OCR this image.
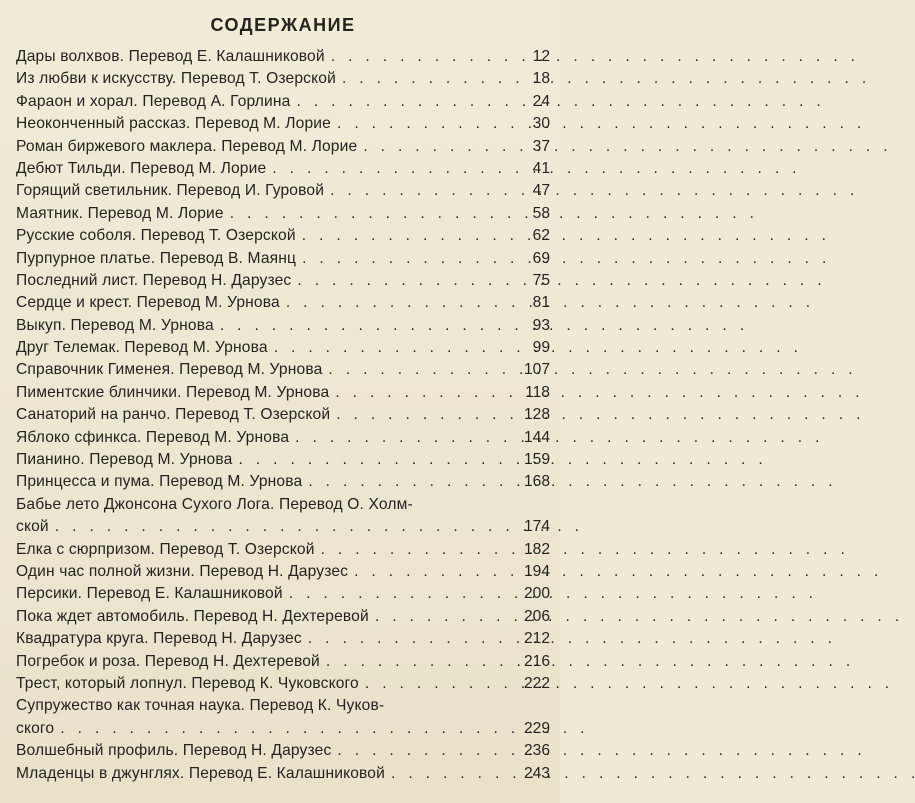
СОДЕРЖАНИЕ
Дары волхвов. Перевод Е. Калашниковой . .	12
Из любви к искусству. Перевод Т. Озерской . .	18
Фараон и хорал. Перевод А. Горлина . .	24
Неоконченный рассказ. Перевод М. Лорие . .	30
Роман биржевого маклера. Перевод М. Лорие . .	37
Дебют Тильди. Перевод М. Лорие . .	41
Горящий светильник. Перевод И. Гуровой . .	47
Маятник. Перевод М. Лорие . .	58
Русские соболя. Перевод Т. Озерской . .	62
Пурпурное платье. Перевод В. Маянц . .	69
Последний лист. Перевод Н. Дарузес . .	75
Сердце и крест. Перевод М. Урнова . .	81
Выкуп. Перевод М. Урнова . .	93
Друг Телемак. Перевод М. Урнова . .	99
Справочник Гименея. Перевод М. Урнова . .	107
Пиментские блинчики. Перевод М. Урнова . .	118
Санаторий на ранчо. Перевод Т. Озерской . .	128
Яблоко сфинкса. Перевод М. Урнова . .	144
Пианино. Перевод М. Урнова . .	159
Принцесса и пума. Перевод М. Урнова . .	168
Бабье лето Джонсона Сухого Лога. Перевод О. Холм-
ской . .	174
Елка с сюрпризом. Перевод Т. Озерской . .	182
Один час полной жизни. Перевод Н. Дарузес . .	194
Персики. Перевод Е. Калашниковой . .	200
Пока ждет автомобиль. Перевод Н. Дехтеревой . .	206
Квадратура круга. Перевод Н. Дарузес . .	212
Погребок и роза. Перевод Н. Дехтеревой . .	216
Трест, который лопнул. Перевод К. Чуковского . .	222
Супружество как точная наука. Перевод К. Чуков-
ского . .	229
Волшебный профиль. Перевод Н. Дарузес . .	236
Младенцы в джунглях. Перевод Е. Калашниковой . .	243
